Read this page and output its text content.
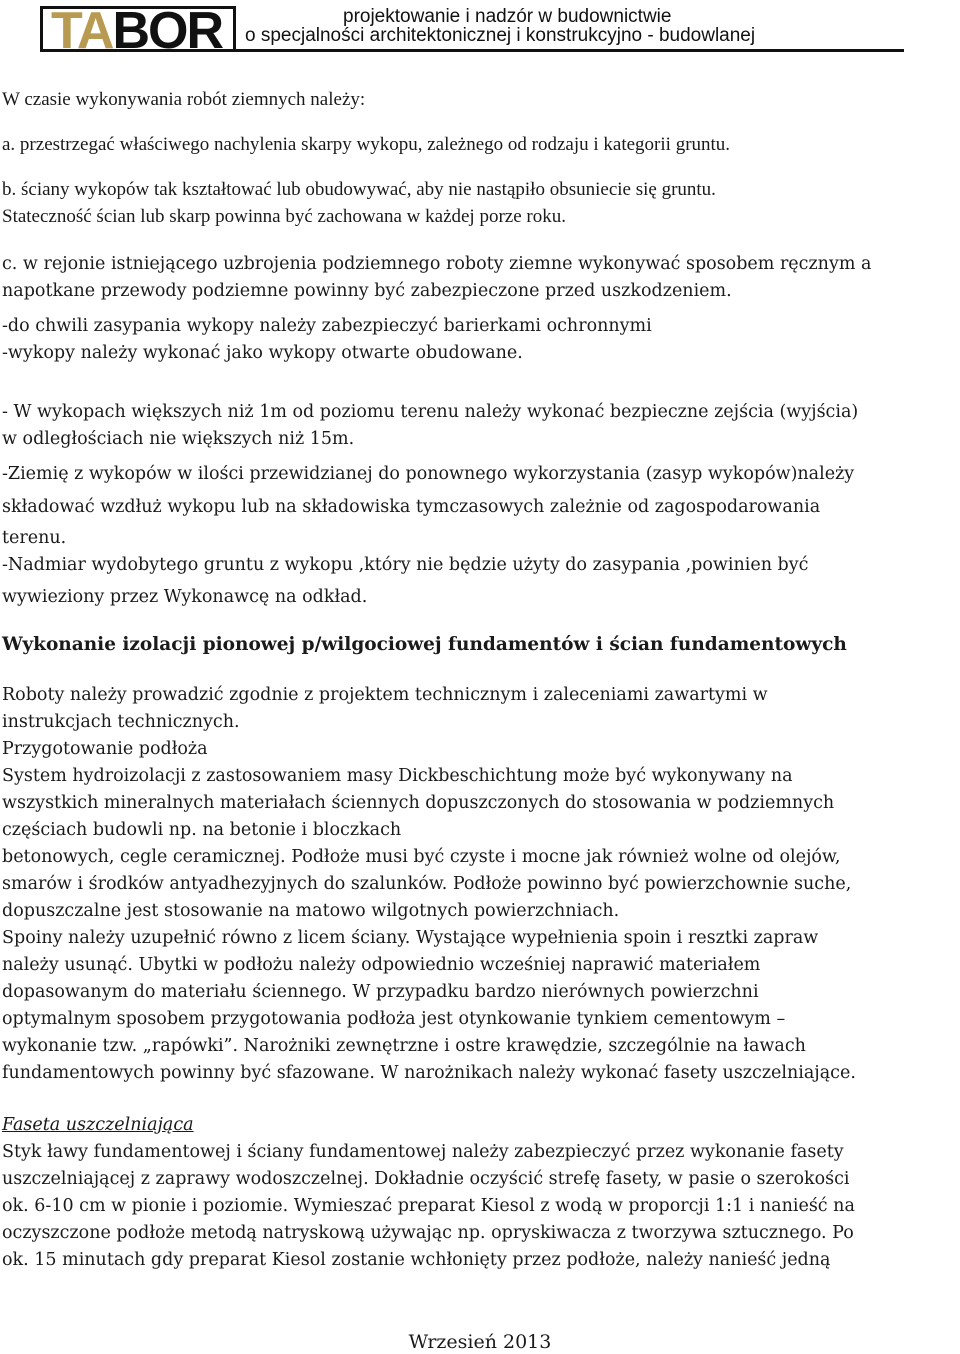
TABOR	projektowanie i nadzór w budownictwie
o specjalności architektonicznej i konstrukcyjno - budowlanej
W czasie wykonywania robót ziemnych należy:
a. przestrzegać właściwego nachylenia skarpy wykopu, zależnego od rodzaju i kategorii gruntu.
b. ściany wykopów tak kształtować lub obudowywać, aby nie nastąpiło obsuniecie się gruntu.
Stateczność ścian lub skarp powinna być zachowana w każdej porze roku.
c. w rejonie istniejącego uzbrojenia podziemnego roboty ziemne wykonywać sposobem ręcznym a
napotkane przewody podziemne powinny być zabezpieczone przed uszkodzeniem.
-do chwili zasypania wykopy należy zabezpieczyć barierkami ochronnymi
-wykopy należy wykonać jako wykopy otwarte obudowane.
- W wykopach większych niż 1m od poziomu terenu należy wykonać bezpieczne zejścia (wyjścia)
w odległościach nie większych niż 15m.
-Ziemię z wykopów w ilości przewidzianej do ponownego wykorzystania (zasyp wykopów)należy
składować wzdłuż wykopu lub na składowiska tymczasowych zależnie od zagospodarowania
terenu.
-Nadmiar wydobytego gruntu z wykopu ,który nie będzie użyty do zasypania ,powinien być
wywieziony przez Wykonawcę na odkład.
Wykonanie izolacji pionowej p/wilgociowej fundamentów i ścian fundamentowych
Roboty należy prowadzić zgodnie z projektem technicznym i zaleceniami zawartymi w
instrukcjach technicznych.
Przygotowanie podłoża
System hydroizolacji z zastosowaniem masy Dickbeschichtung może być wykonywany na
wszystkich mineralnych materiałach ściennych dopuszczonych do stosowania w podziemnych
częściach budowli np. na betonie i bloczkach
betonowych, cegle ceramicznej. Podłoże musi być czyste i mocne jak również wolne od olejów,
smarów i środków antyadhezyjnych do szalunków. Podłoże powinno być powierzchownie suche,
dopuszczalne jest stosowanie na matowo wilgotnych powierzchniach.
Spoiny należy uzupełnić równo z licem ściany. Wystające wypełnienia spoin i resztki zapraw
należy usunąć. Ubytki w podłożu należy odpowiednio wcześniej naprawić materiałem
dopasowanym do materiału ściennego. W przypadku bardzo nierównych powierzchni
optymalnym sposobem przygotowania podłoża jest otynkowanie tynkiem cementowym –
wykonanie tzw. „rapówki”. Narożniki zewnętrzne i ostre krawędzie, szczególnie na ławach
fundamentowych powinny być sfazowane. W narożnikach należy wykonać fasety uszczelniające.
Faseta uszczelniająca
Styk ławy fundamentowej i ściany fundamentowej należy zabezpieczyć przez wykonanie fasety
uszczelniającej z zaprawy wodoszczelnej. Dokładnie oczyścić strefę fasety, w pasie o szerokości
ok. 6-10 cm w pionie i poziomie. Wymieszać preparat Kiesol z wodą w proporcji 1:1 i nanieść na
oczyszczone podłoże metodą natryskową używając np. opryskiwacza z tworzywa sztucznego. Po
ok. 15 minutach gdy preparat Kiesol zostanie wchłonięty przez podłoże, należy nanieść jedną
Wrzesień 2013
